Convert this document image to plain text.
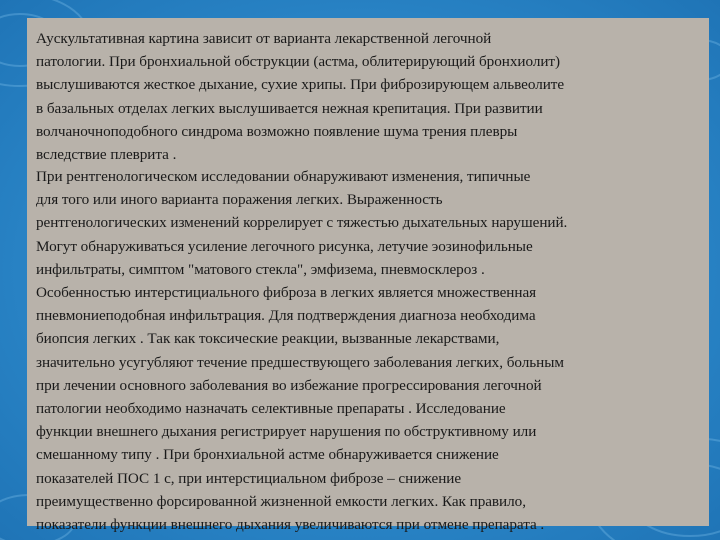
Аускультативная картина зависит от варианта лекарственной легочной
патологии. При бронхиальной обструкции (астма, облитерирующий бронхиолит)
выслушиваются жесткое дыхание, сухие хрипы. При фиброзирующем альвеолите
в базальных отделах легких выслушивается нежная крепитация. При развитии
волчаночноподобного синдрома возможно появление шума трения плевры
вследствие плеврита .

При рентгенологическом исследовании обнаруживают изменения, типичные
для того или иного варианта поражения легких. Выраженность
рентгенологических изменений коррелирует с тяжестью дыхательных нарушений.
Могут обнаруживаться усиление легочного рисунка, летучие эозинофильные
инфильтраты, симптом "матового стекла", эмфизема, пневмосклероз .
Особенностью интерстициального фиброза в легких является множественная
пневмониеподобная инфильтрация. Для подтверждения диагноза необходима
биопсия легких . Так как токсические реакции, вызванные лекарствами,
значительно усугубляют течение предшествующего заболевания легких, больным
при лечении основного заболевания во избежание прогрессирования легочной
патологии необходимо назначать селективные препараты . Исследование
функции внешнего дыхания регистрирует нарушения по обструктивному или
смешанному типу . При бронхиальной астме обнаруживается снижение
показателей ПОС 1 с, при интерстициальном фиброзе – снижение
преимущественно форсированной жизненной емкости легких. Как правило,
показатели функции внешнего дыхания увеличиваются при отмене препарата .
